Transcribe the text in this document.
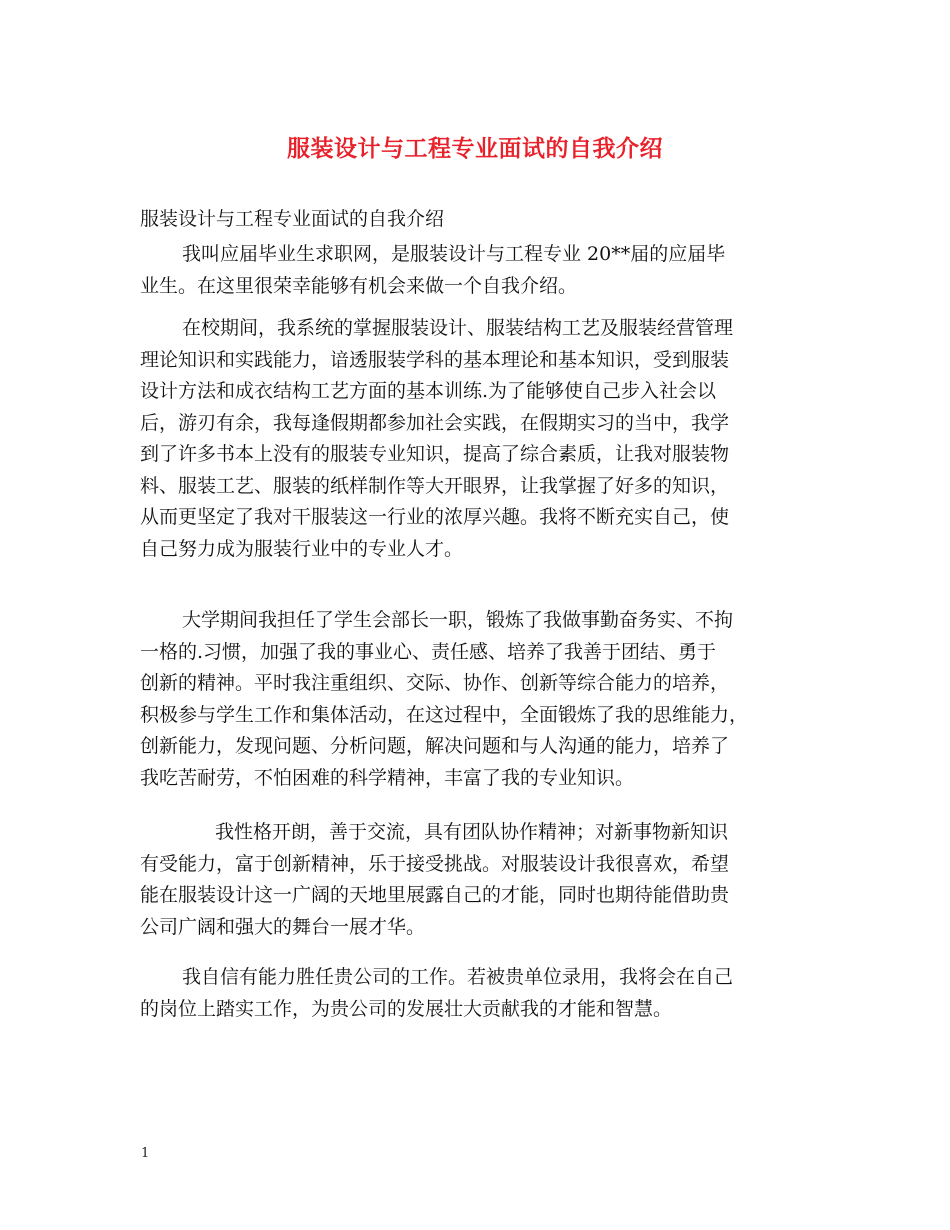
服装设计与工程专业面试的自我介绍
服装设计与工程专业面试的自我介绍
我叫应届毕业生求职网，是服装设计与工程专业 20**届的应届毕
业生。在这里很荣幸能够有机会来做一个自我介绍。
在校期间，我系统的掌握服装设计、服装结构工艺及服装经营管理
理论知识和实践能力，谙透服装学科的基本理论和基本知识，受到服装
设计方法和成衣结构工艺方面的基本训练.为了能够使自己步入社会以
后，游刃有余，我每逢假期都参加社会实践，在假期实习的当中，我学
到了许多书本上没有的服装专业知识，提高了综合素质，让我对服装物
料、服装工艺、服装的纸样制作等大开眼界，让我掌握了好多的知识，
从而更坚定了我对干服装这一行业的浓厚兴趣。我将不断充实自己，使
自己努力成为服装行业中的专业人才。
大学期间我担任了学生会部长一职，锻炼了我做事勤奋务实、不拘
一格的.习惯，加强了我的事业心、责任感、培养了我善于团结、勇于
创新的精神。平时我注重组织、交际、协作、创新等综合能力的培养，
积极参与学生工作和集体活动，在这过程中，全面锻炼了我的思维能力，
创新能力，发现问题、分析问题，解决问题和与人沟通的能力，培养了
我吃苦耐劳，不怕困难的科学精神，丰富了我的专业知识。
我性格开朗，善于交流，具有团队协作精神；对新事物新知识
有受能力，富于创新精神，乐于接受挑战。对服装设计我很喜欢，希望
能在服装设计这一广阔的天地里展露自己的才能，同时也期待能借助贵
公司广阔和强大的舞台一展才华。
我自信有能力胜任贵公司的工作。若被贵单位录用，我将会在自己
的岗位上踏实工作，为贵公司的发展壮大贡献我的才能和智慧。
1
